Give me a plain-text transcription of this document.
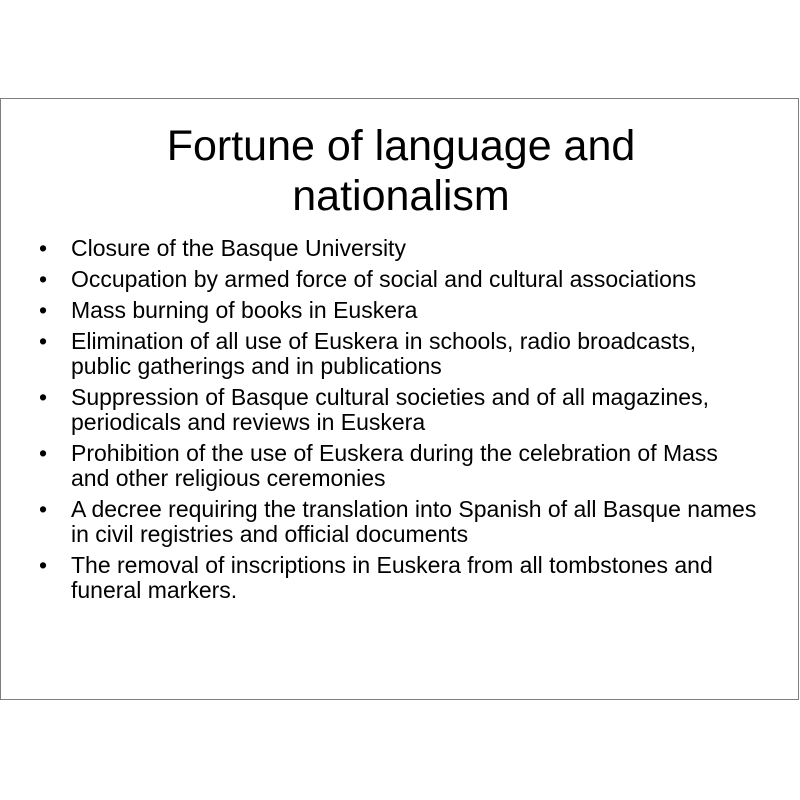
Fortune of language and
nationalism
• Closure of the Basque University
• Occupation by armed force of social and cultural associations
• Mass burning of books in Euskera
• Elimination of all use of Euskera in schools, radio broadcasts, public gatherings and in publications
• Suppression of Basque cultural societies and of all magazines, periodicals and reviews in Euskera
• Prohibition of the use of Euskera during the celebration of Mass and other religious ceremonies
• A decree requiring the translation into Spanish of all Basque names in civil registries and official documents
• The removal of inscriptions in Euskera from all tombstones and funeral markers.
